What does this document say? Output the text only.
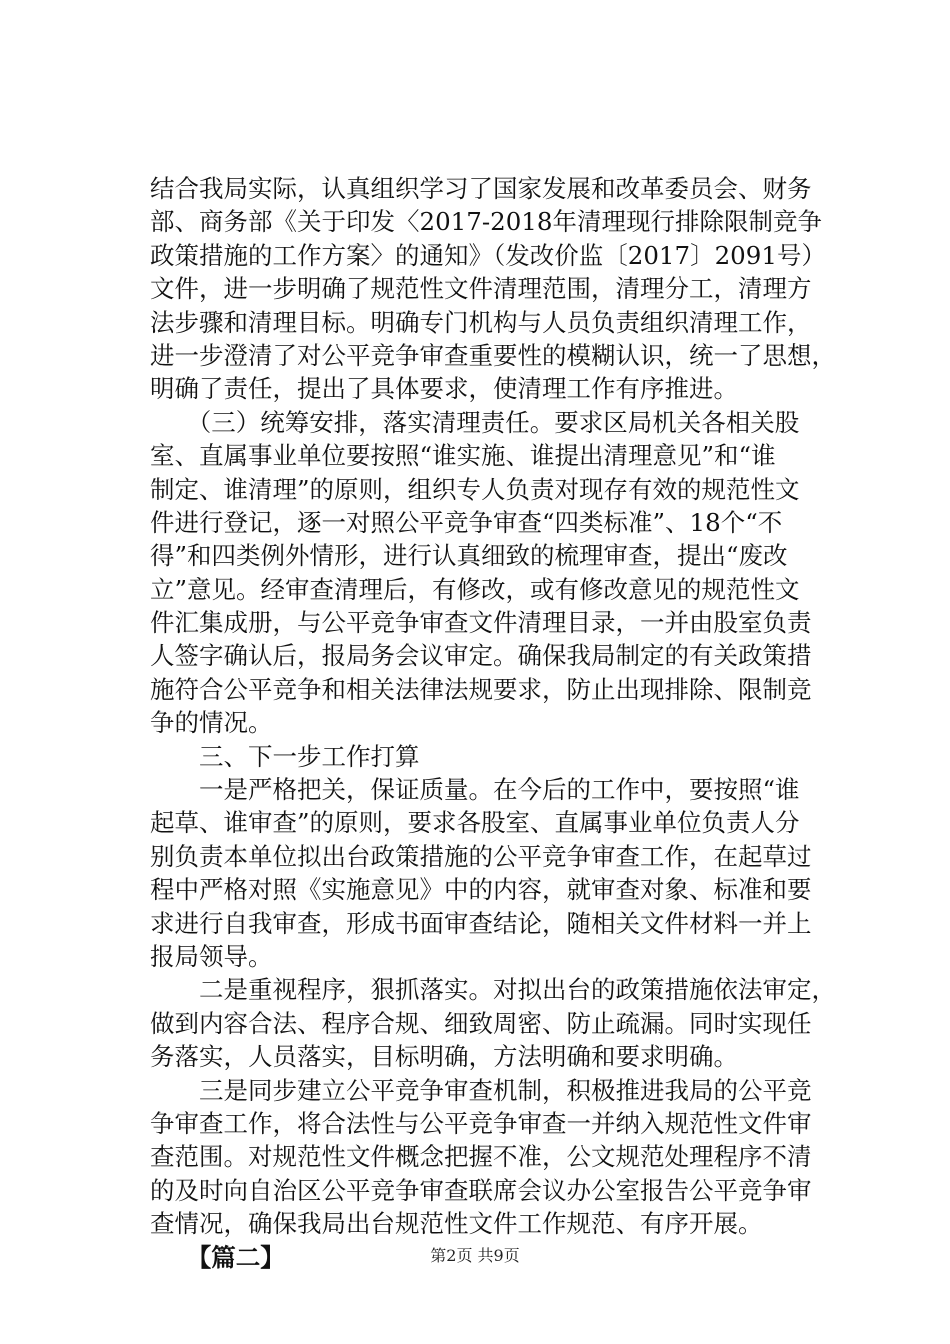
结合我局实际，认真组织学习了国家发展和改革委员会、财务
部、商务部《关于印发〈2017-2018年清理现行排除限制竞争
政策措施的工作方案〉的通知》（发改价监〔2017〕2091号）
文件，进一步明确了规范性文件清理范围，清理分工，清理方
法步骤和清理目标。明确专门机构与人员负责组织清理工作，
进一步澄清了对公平竞争审查重要性的模糊认识，统一了思想，
明确了责任，提出了具体要求，使清理工作有序推进。
　　（三）统筹安排，落实清理责任。要求区局机关各相关股
室、直属事业单位要按照“谁实施、谁提出清理意见”和“谁
制定、谁清理”的原则，组织专人负责对现存有效的规范性文
件进行登记，逐一对照公平竞争审查“四类标准”、18个“不
得”和四类例外情形，进行认真细致的梳理审查，提出“废改
立”意见。经审查清理后，有修改，或有修改意见的规范性文
件汇集成册，与公平竞争审查文件清理目录，一并由股室负责
人签字确认后，报局务会议审定。确保我局制定的有关政策措
施符合公平竞争和相关法律法规要求，防止出现排除、限制竞
争的情况。
　　三、下一步工作打算
　　一是严格把关，保证质量。在今后的工作中，要按照“谁
起草、谁审查”的原则，要求各股室、直属事业单位负责人分
别负责本单位拟出台政策措施的公平竞争审查工作，在起草过
程中严格对照《实施意见》中的内容，就审查对象、标准和要
求进行自我审查，形成书面审查结论，随相关文件材料一并上
报局领导。
　　二是重视程序，狠抓落实。对拟出台的政策措施依法审定，
做到内容合法、程序合规、细致周密、防止疏漏。同时实现任
务落实，人员落实，目标明确，方法明确和要求明确。
　　三是同步建立公平竞争审查机制，积极推进我局的公平竞
争审查工作，将合法性与公平竞争审查一并纳入规范性文件审
查范围。对规范性文件概念把握不准，公文规范处理程序不清
的及时向自治区公平竞争审查联席会议办公室报告公平竞争审
查情况，确保我局出台规范性文件工作规范、有序开展。
　　【篇二】	第2页 共9页
